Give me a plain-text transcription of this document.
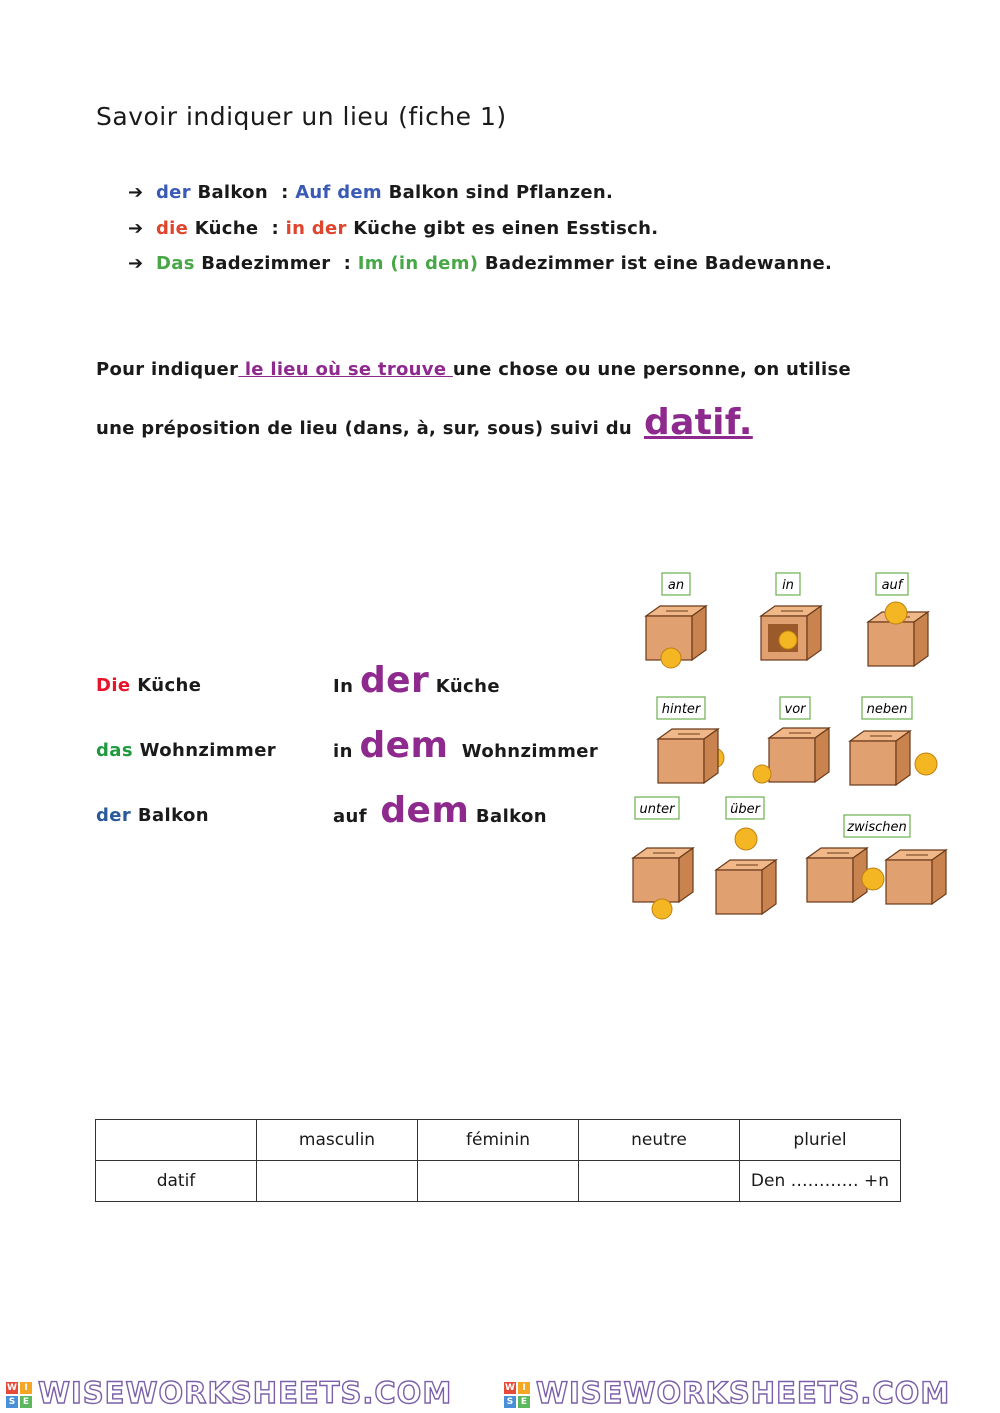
Savoir indiquer un lieu (fiche 1)
➔ der Balkon : Auf dem Balkon sind Pflanzen.
➔ die Küche : in der Küche gibt es einen Esstisch.
➔ Das Badezimmer : Im (in dem) Badezimmer ist eine Badewanne.
Pour indiquer le lieu où se trouve une chose ou une personne, on utilise
une préposition de lieu (dans, à, sur, sous) suivi du datif.
Die Küche	In der Küche
das Wohnzimmer	in dem Wohnzimmer
der Balkon	auf dem Balkon
an	in	auf
hinter	vor	neben
unter	über
zwischen
	masculin	féminin	neutre	pluriel
datif				Den ………… +n
W I
S E WISEWORKSHEETS.COM	W I
S E WISEWORKSHEETS.COM
